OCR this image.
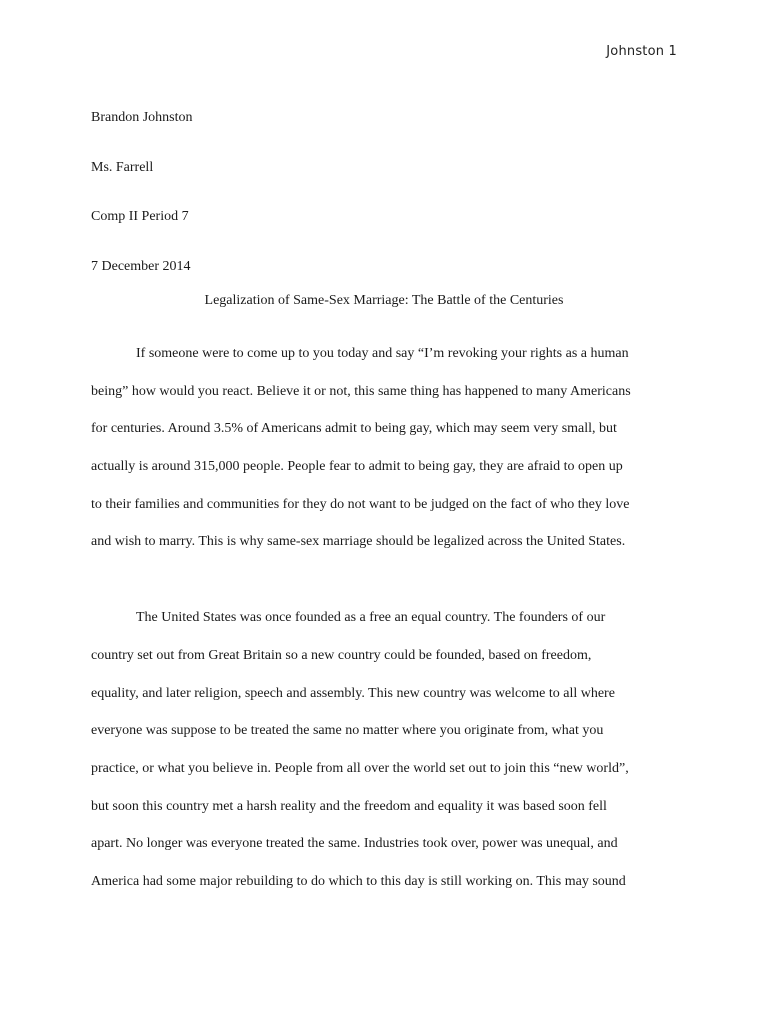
Johnston 1
Brandon Johnston
Ms. Farrell
Comp II Period 7
7 December 2014
Legalization of Same-Sex Marriage: The Battle of the Centuries
If someone were to come up to you today and say “I’m revoking your rights as a human
being” how would you react. Believe it or not, this same thing has happened to many Americans
for centuries. Around 3.5% of Americans admit to being gay, which may seem very small, but
actually is around 315,000 people. People fear to admit to being gay, they are afraid to open up
to their families and communities for they do not want to be judged on the fact of who they love
and wish to marry. This is why same-sex marriage should be legalized across the United States.
The United States was once founded as a free an equal country. The founders of our
country set out from Great Britain so a new country could be founded, based on freedom,
equality, and later religion, speech and assembly. This new country was welcome to all where
everyone was suppose to be treated the same no matter where you originate from, what you
practice, or what you believe in. People from all over the world set out to join this “new world”,
but soon this country met a harsh reality and the freedom and equality it was based soon fell
apart. No longer was everyone treated the same. Industries took over, power was unequal, and
America had some major rebuilding to do which to this day is still working on. This may sound
